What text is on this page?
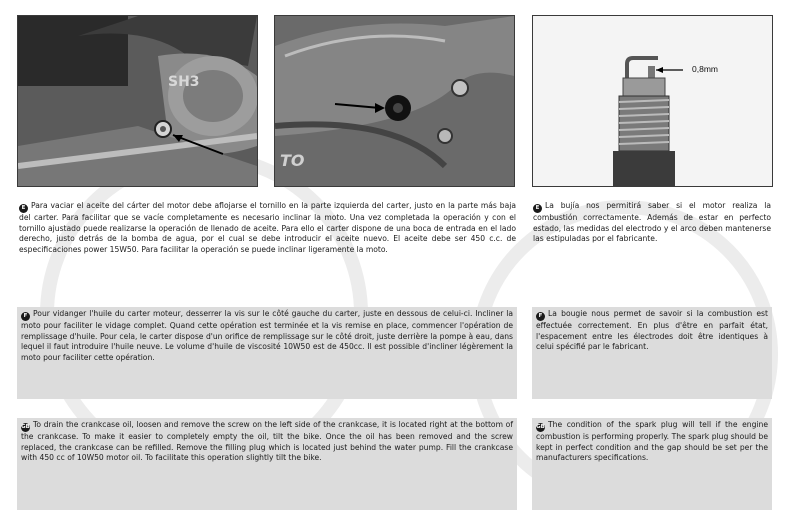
SH3
TO
0,8mm
E Para vaciar el aceite del cárter del motor debe aflojarse el tornillo en la parte izquierda del carter, justo en la parte más baja del carter. Para facilitar que se vacíe completamente es necesario inclinar la moto. Una vez completada la operación y con el tornillo ajustado puede realizarse la operación de llenado de aceite. Para ello el carter dispone de una boca de entrada en el lado derecho, justo detrás de la bomba de agua, por el cual se debe introducir el aceite nuevo. El aceite debe ser 450 c.c. de especificaciones power 15W50. Para facilitar la operación se puede inclinar ligeramente la moto.
E La bujía nos permitirá saber si el motor realiza la combustión correctamente. Además de estar en perfecto estado, las medidas del electrodo y el arco deben mantenerse las estipuladas por el fabricante.
F Pour vidanger l'huile du carter moteur, desserrer la vis sur le côté gauche du carter, juste en dessous de celui-ci. Incliner la moto pour faciliter le vidage complet. Quand cette opération est terminée et la vis remise en place, commencer l'opération de remplissage d'huile. Pour cela, le carter dispose d'un orifice de remplissage sur le côté droit, juste derrière la pompe à eau, dans lequel il faut introduire l'huile neuve. Le volume d'huile de viscosité 10W50 est de 450cc. Il est possible d'incliner légèrement la moto pour faciliter cette opération.
F La bougie nous permet de savoir si la combustion est effectuée correctement. En plus d'être en parfait état, l'espacement entre les électrodes doit être identiques à celui spécifié par le fabricant.
GB To drain the crankcase oil, loosen and remove the screw on the left side of the crankcase, it is located right at the bottom of the crankcase. To make it easier to completely empty the oil, tilt the bike. Once the oil has been removed and the screw replaced, the crankcase can be refilled. Remove the filling plug which is located just behind the water pump. Fill the crankcase with 450 cc of 10W50 motor oil. To facilitate this operation slightly tilt the bike.
GB The condition of the spark plug will tell if the engine combustion is performing properly. The spark plug should be kept in perfect condition and the gap should be set per the manufacturers specifications.
